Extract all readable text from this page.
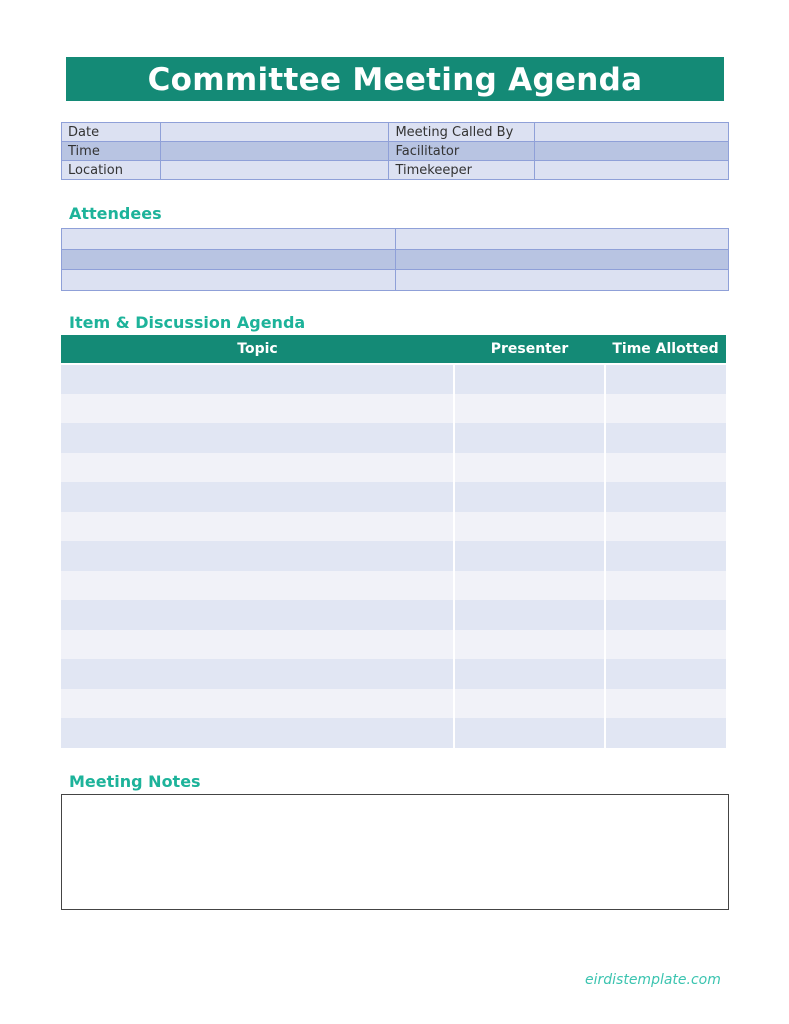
Committee Meeting Agenda
Date		Meeting Called By	
Time		Facilitator	
Location		Timekeeper	
Attendees

Item & Discussion Agenda
Topic	Presenter	Time Allotted

Meeting Notes
eirdistemplate.com
